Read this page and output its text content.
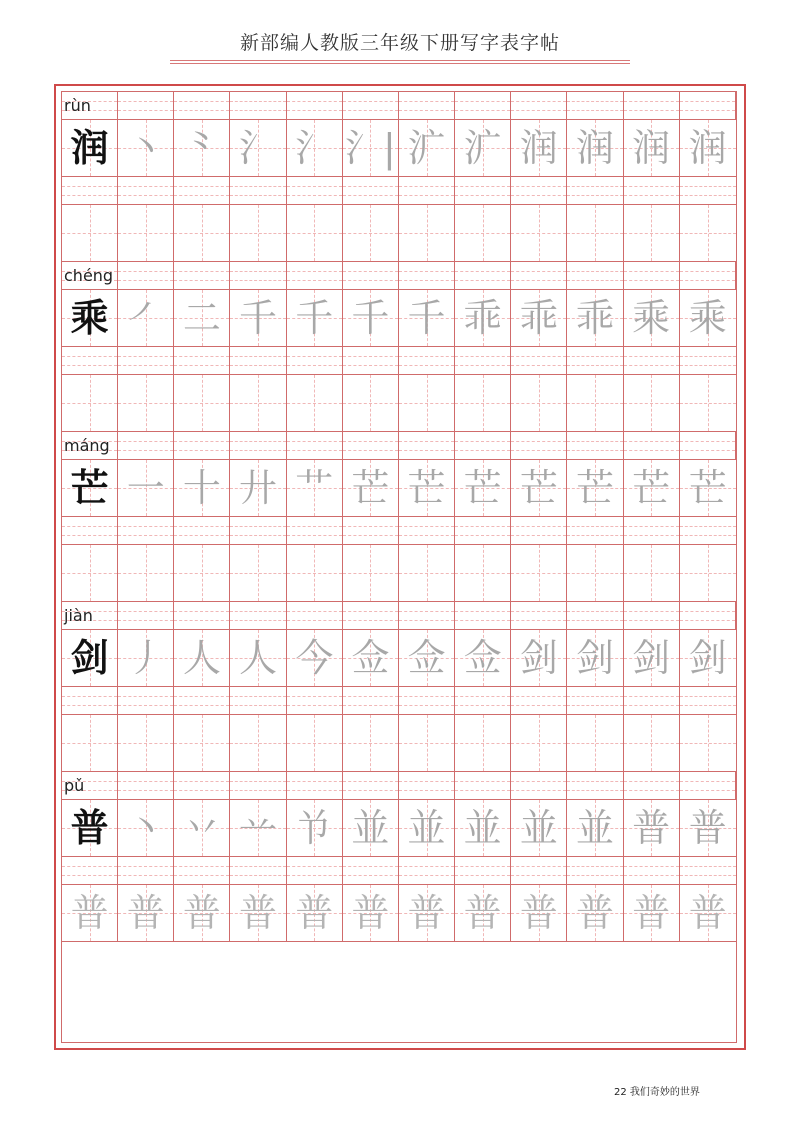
新部编人教版三年级下册写字表字帖
rùn
润 丶 ⺀ 氵 氵 氵| 㲿 㲿 润 润 润 润
chéng
乘 ㇒ 二 千 千 千 千 乖 乖 乖 乘 乘
máng
芒 一 十 廾 艹 芒 芒 芒 芒 芒 芒 芒
jiàn
剑 丿 人 人 今 佥 佥 佥 剑 剑 剑 剑
pǔ
普 丶 丷 䒑 兯 並 並 並 並 並 普 普
普 普 普 普 普 普 普 普 普 普 普 普
22 我们奇妙的世界
